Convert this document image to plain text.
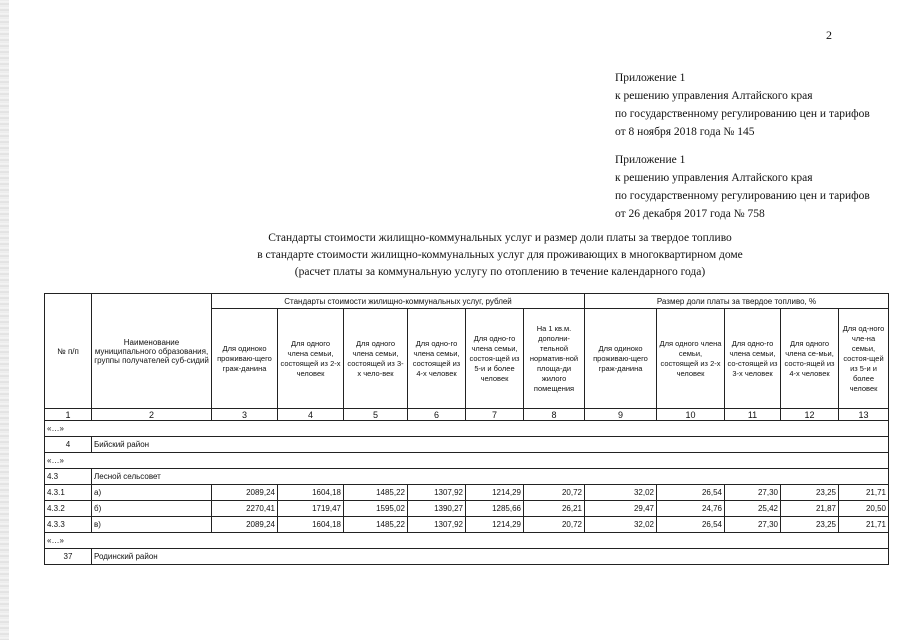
2
Приложение 1
к решению управления Алтайского края
по государственному регулированию цен и тарифов
от 8 ноября 2018 года № 145
Приложение 1
к решению управления Алтайского края
по государственному регулированию цен и тарифов
от 26 декабря 2017 года № 758
Стандарты стоимости жилищно-коммунальных услуг и размер доли платы за твердое топливо
в стандарте стоимости жилищно-коммунальных услуг для проживающих в многоквартирном доме
(расчет платы за коммунальную услугу по отоплению в течение календарного года)
№ п/п	Наименование муниципального образования, группы получателей суб-сидий	Стандарты стоимости жилищно-коммунальных услуг, рублей						Размер доли платы за твердое топливо, %				
		Для одиноко проживаю-щего граж-данина	Для одного члена семьи, состоящей из 2-х человек	Для одного члена семьи, состоящей из 3-х чело-век	Для одно-го члена семьи, состоящей из 4-х человек	Для одно-го члена семьи, состоя-щей из 5-и и более человек	На 1 кв.м. дополни-тельной норматив-ной площа-ди жилого помещения	Для одиноко проживаю-щего граж-данина	Для одного члена семьи, состоящей из 2-х человек	Для одно-го члена семьи, со-стоящей из 3-х человек	Для одного члена се-мьи, состо-ящей из 4-х человек	Для од-ного чле-на семьи, состоя-щей из 5-и и более человек
1	2	3	4	5	6	7	8	9	10	11	12	13
«…»												
4	Бийский район											
«…»												
4.3	Лесной сельсовет											
4.3.1	а)	2089,24	1604,18	1485,22	1307,92	1214,29	20,72	32,02	26,54	27,30	23,25	21,71
4.3.2	б)	2270,41	1719,47	1595,02	1390,27	1285,66	26,21	29,47	24,76	25,42	21,87	20,50
4.3.3	в)	2089,24	1604,18	1485,22	1307,92	1214,29	20,72	32,02	26,54	27,30	23,25	21,71
«…»												
37	Родинский район											
